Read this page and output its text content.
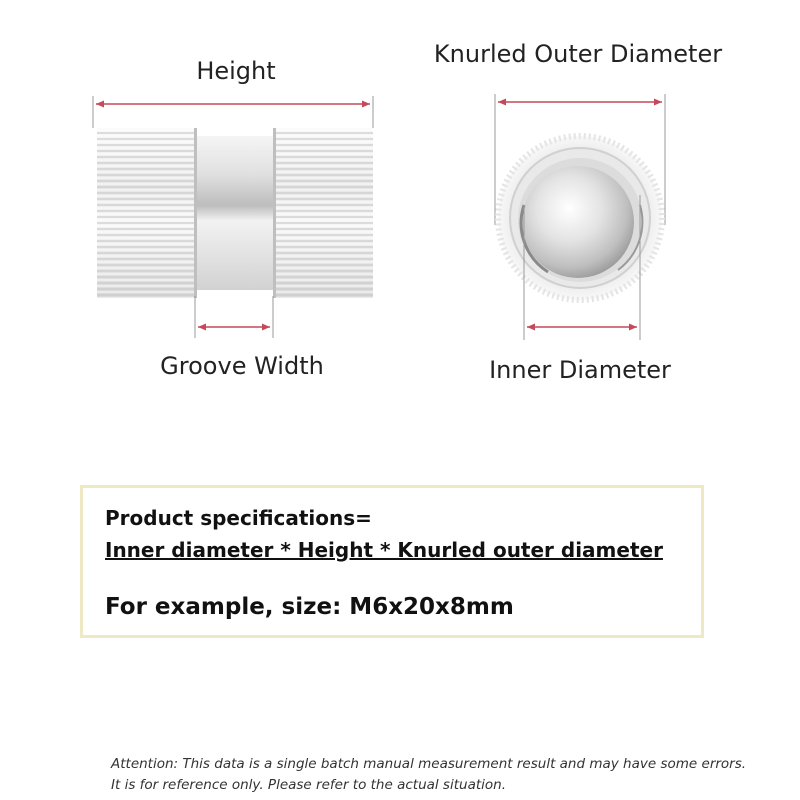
Height
Knurled Outer Diameter
Groove Width	Inner Diameter
Product specifications=
Inner diameter * Height * Knurled outer diameter
For example, size: M6x20x8mm
Attention: This data is a single batch manual measurement result and may have some errors.
It is for reference only. Please refer to the actual situation.
